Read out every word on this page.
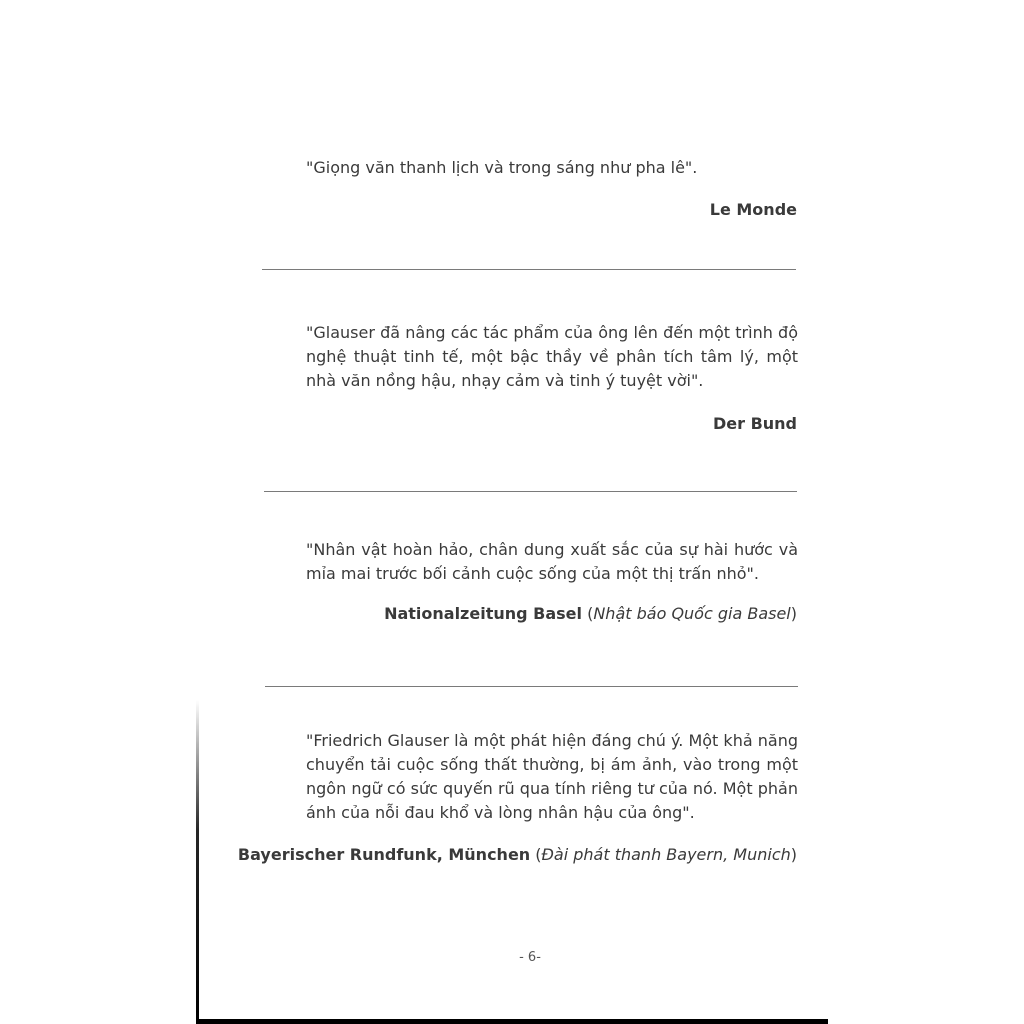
"Giọng văn thanh lịch và trong sáng như pha lê".

Le Monde

"Glauser đã nâng các tác phẩm của ông lên đến một trình độ nghệ thuật tinh tế, một bậc thầy về phân tích tâm lý, một nhà văn nồng hậu, nhạy cảm và tinh ý tuyệt vời".

Der Bund

"Nhân vật hoàn hảo, chân dung xuất sắc của sự hài hước và mỉa mai trước bối cảnh cuộc sống của một thị trấn nhỏ".

Nationalzeitung Basel (Nhật báo Quốc gia Basel)

"Friedrich Glauser là một phát hiện đáng chú ý. Một khả năng chuyển tải cuộc sống thất thường, bị ám ảnh, vào trong một ngôn ngữ có sức quyến rũ qua tính riêng tư của nó. Một phản ánh của nỗi đau khổ và lòng nhân hậu của ông".

Bayerischer Rundfunk, München (Đài phát thanh Bayern, Munich)
- 6-
